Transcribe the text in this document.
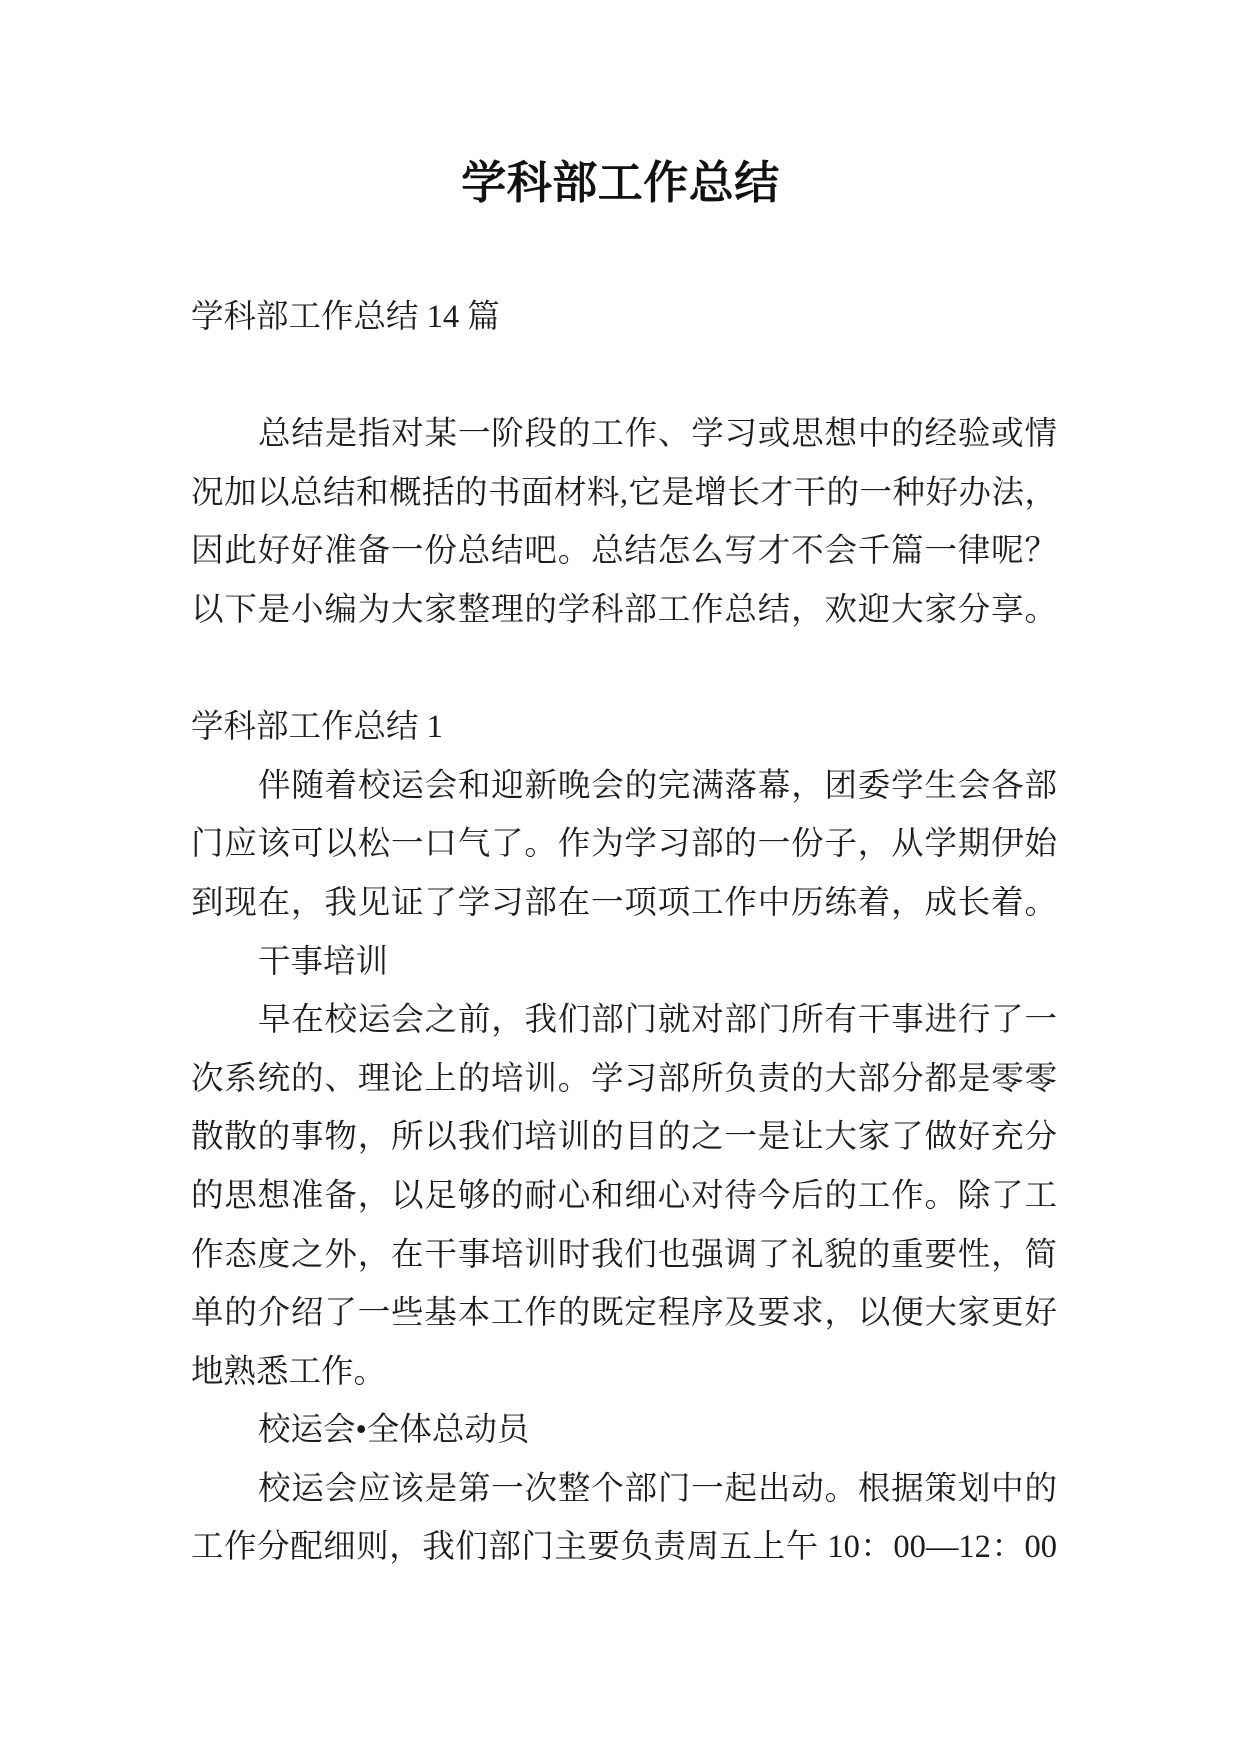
学科部工作总结
学科部工作总结 14 篇
总结是指对某一阶段的工作、学习或思想中的经验或情
况加以总结和概括的书面材料,它是增长才干的一种好办法，
因此好好准备一份总结吧。总结怎么写才不会千篇一律呢？
以下是小编为大家整理的学科部工作总结，欢迎大家分享。
学科部工作总结 1
伴随着校运会和迎新晚会的完满落幕，团委学生会各部
门应该可以松一口气了。作为学习部的一份子，从学期伊始
到现在，我见证了学习部在一项项工作中历练着，成长着。
干事培训
早在校运会之前，我们部门就对部门所有干事进行了一
次系统的、理论上的培训。学习部所负责的大部分都是零零
散散的事物，所以我们培训的目的之一是让大家了做好充分
的思想准备，以足够的耐心和细心对待今后的工作。除了工
作态度之外，在干事培训时我们也强调了礼貌的重要性，简
单的介绍了一些基本工作的既定程序及要求，以便大家更好
地熟悉工作。
校运会•全体总动员
校运会应该是第一次整个部门一起出动。根据策划中的
工作分配细则，我们部门主要负责周五上午 10：00—12：00
